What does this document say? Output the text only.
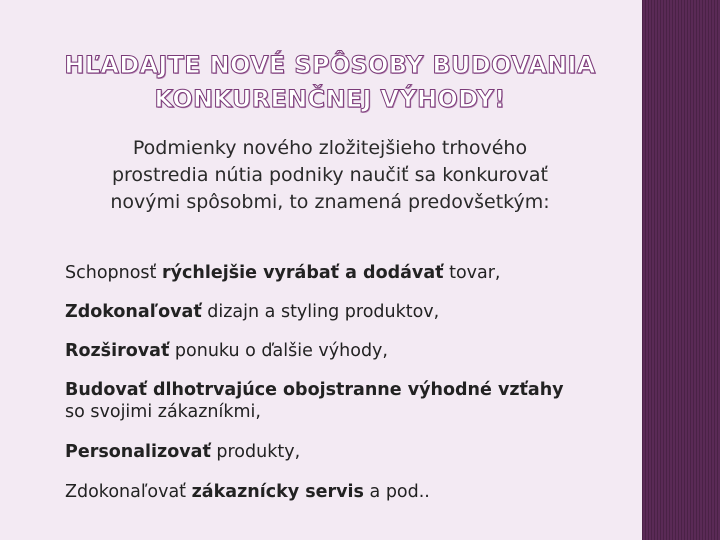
HĽADAJTE NOVÉ SPÔSOBY BUDOVANIA
KONKURENČNEJ VÝHODY!
Podmienky nového zložitejšieho trhového
prostredia nútia podniky naučiť sa konkurovať
novými spôsobmi, to znamená predovšetkým:
Schopnosť rýchlejšie vyrábať a dodávať tovar,
Zdokonaľovať dizajn a styling produktov,
Rozširovať ponuku o ďalšie výhody,
Budovať dlhotrvajúce obojstranne výhodné vzťahy
so svojimi zákazníkmi,
Personalizovať produkty,
Zdokonaľovať zákaznícky servis a pod..
